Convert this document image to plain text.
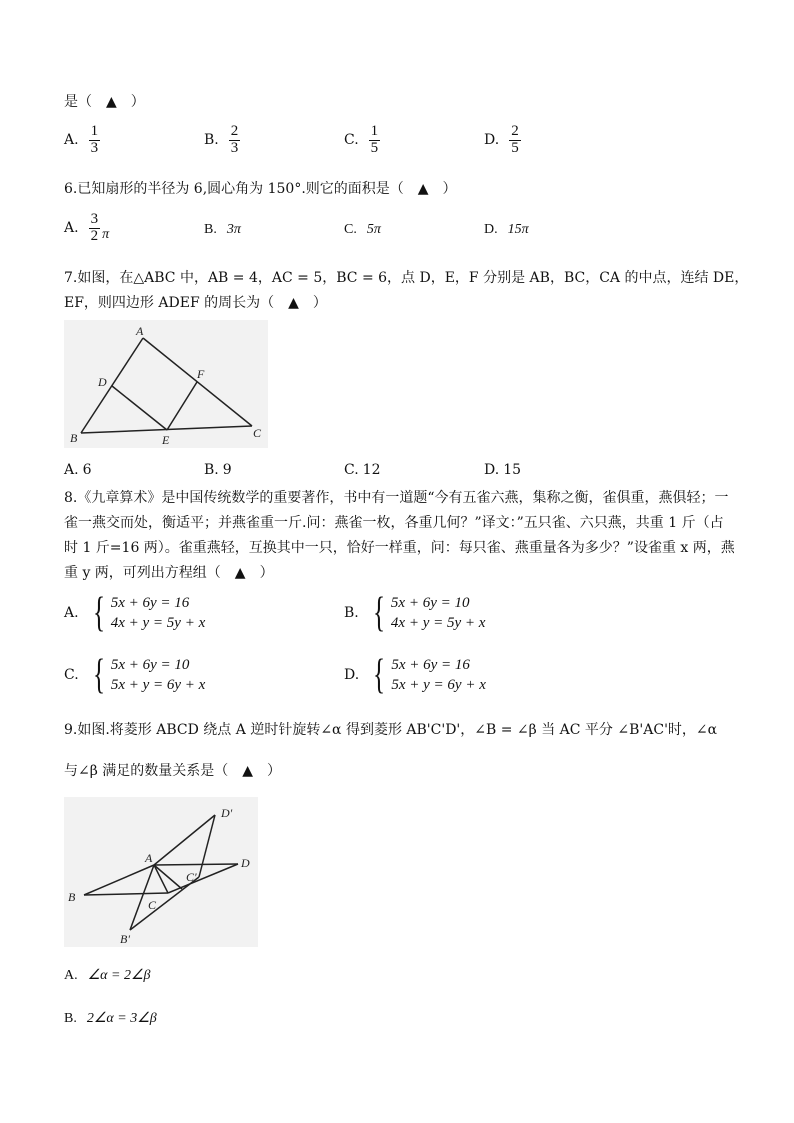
是（　▲　）
A. $\frac{1}{3}$	B. $\frac{2}{3}$	C. $\frac{1}{5}$	D. $\frac{2}{5}$
6.已知扇形的半径为 6,圆心角为 150°.则它的面积是（　▲　）
A. $\frac{3}{2}$ π	B. 3π	C. 5π	D. 15π
7.如图，在△ABC 中，AB = 4，AC = 5，BC = 6，点 D，E，F 分别是 AB，BC，CA 的中点，连结 DE，
EF，则四边形 ADEF 的周长为（　▲　）
A
B	C
D
E
F
A. 6	B. 9	C. 12	D. 15
8.《九章算术》是中国传统数学的重要著作，书中有一道题“今有五雀六燕，集称之衡，雀俱重，燕俱轻；一
雀一燕交而处，衡适平；并燕雀重一斤.问：燕雀一枚，各重几何？”译文：”五只雀、六只燕，共重 1 斤（占
时 1 斤=16 两）。雀重燕轻，互换其中一只，恰好一样重，问：每只雀、燕重量各为多少？”设雀重 x 两，燕
重 y 两，可列出方程组（　▲　）
A. { 5x + 6y = 16
4x + y = 5y + x
B. { 5x + 6y = 10
4x + y = 5y + x
C. { 5x + 6y = 10
5x + y = 6y + x
D. { 5x + 6y = 16
5x + y = 6y + x
9.如图.将菱形 ABCD 绕点 A 逆时针旋转∠α 得到菱形 AB'C'D'，∠B = ∠β 当 AC 平分 ∠B'AC'时，∠α
与∠β 满足的数量关系是（　▲　）
A
B
C
D
B'
C'
D'
A. ∠α = 2∠β
B. 2∠α = 3∠β
